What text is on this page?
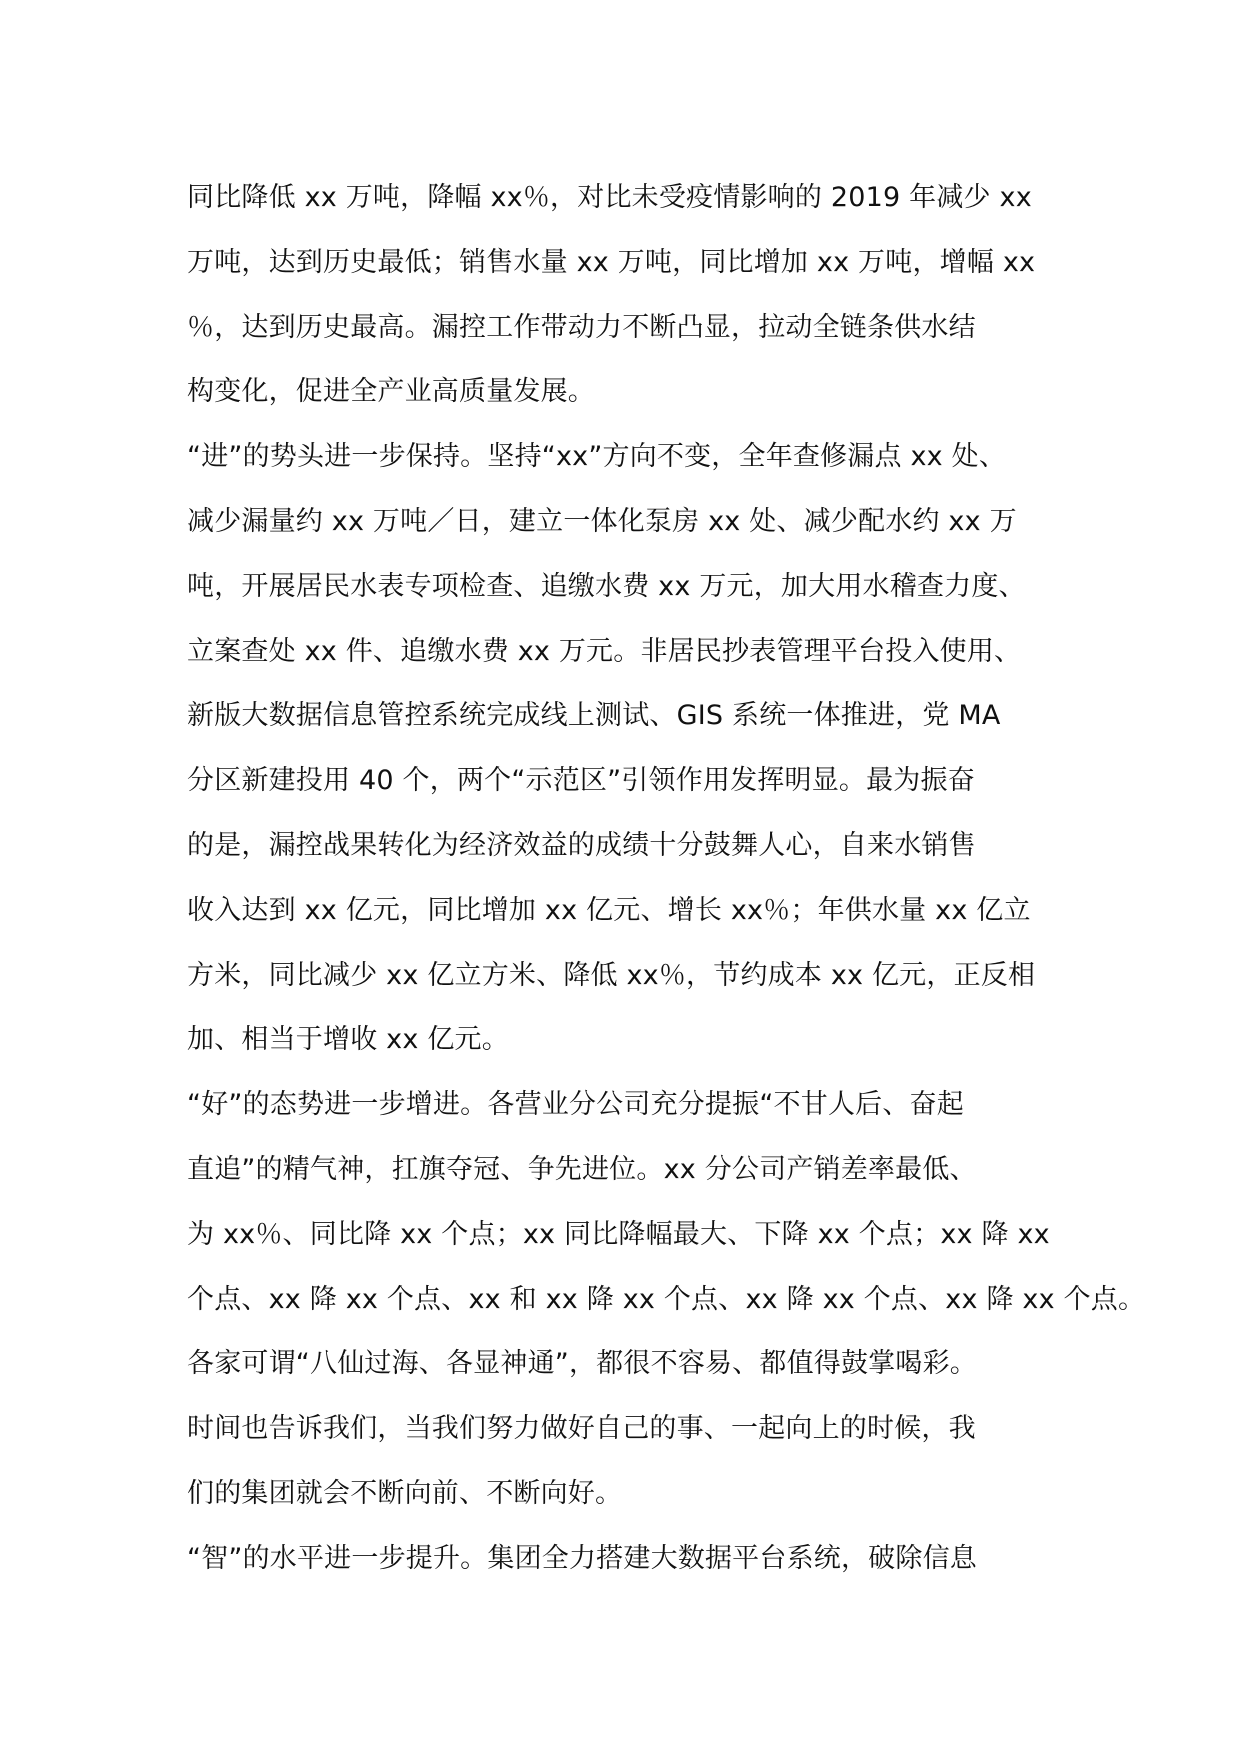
同比降低 xx 万吨，降幅 xx％，对比未受疫情影响的 2019 年减少 xx
万吨，达到历史最低；销售水量 xx 万吨，同比增加 xx 万吨，增幅 xx
％，达到历史最高。漏控工作带动力不断凸显，拉动全链条供水结
构变化，促进全产业高质量发展。
“进”的势头进一步保持。坚持“xx”方向不变，全年查修漏点 xx 处、
减少漏量约 xx 万吨／日，建立一体化泵房 xx 处、减少配水约 xx 万
吨，开展居民水表专项检查、追缴水费 xx 万元，加大用水稽查力度、
立案查处 xx 件、追缴水费 xx 万元。非居民抄表管理平台投入使用、
新版大数据信息管控系统完成线上测试、GIS 系统一体推进，党 MA
分区新建投用 40 个，两个“示范区”引领作用发挥明显。最为振奋
的是，漏控战果转化为经济效益的成绩十分鼓舞人心，自来水销售
收入达到 xx 亿元，同比增加 xx 亿元、增长 xx％；年供水量 xx 亿立
方米，同比减少 xx 亿立方米、降低 xx％，节约成本 xx 亿元，正反相
加、相当于增收 xx 亿元。
“好”的态势进一步增进。各营业分公司充分提振“不甘人后、奋起
直追”的精气神，扛旗夺冠、争先进位。xx 分公司产销差率最低、
为 xx％、同比降 xx 个点；xx 同比降幅最大、下降 xx 个点；xx 降 xx
个点、xx 降 xx 个点、xx 和 xx 降 xx 个点、xx 降 xx 个点、xx 降 xx 个点。
各家可谓“八仙过海、各显神通”，都很不容易、都值得鼓掌喝彩。
时间也告诉我们，当我们努力做好自己的事、一起向上的时候，我
们的集团就会不断向前、不断向好。
“智”的水平进一步提升。集团全力搭建大数据平台系统，破除信息
